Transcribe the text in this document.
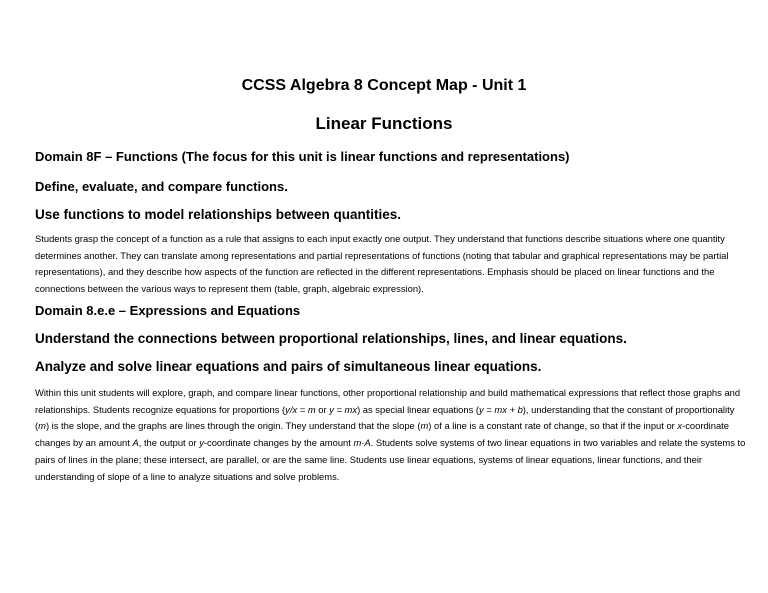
CCSS Algebra 8 Concept Map - Unit 1
Linear Functions
Domain 8F – Functions (The focus for this unit is linear functions and representations)
Define, evaluate, and compare functions.
Use functions to model relationships between quantities.

Students grasp the concept of a function as a rule that assigns to each input exactly one output. They understand that functions describe situations where one quantity determines another. They can translate among representations and partial representations of functions (noting that tabular and graphical representations may be partial representations), and they describe how aspects of the function are reflected in the different representations. Emphasis should be placed on linear functions and the connections between the various ways to represent them (table, graph, algebraic expression).

Domain 8.e.e – Expressions and Equations
Understand the connections between proportional relationships, lines, and linear equations.
Analyze and solve linear equations and pairs of simultaneous linear equations.

Within this unit students will explore, graph, and compare linear functions, other proportional relationship and build mathematical expressions that reflect those graphs and relationships. Students recognize equations for proportions (y/x = m or y = mx) as special linear equations (y = mx + b), understanding that the constant of proportionality (m) is the slope, and the graphs are lines through the origin. They understand that the slope (m) of a line is a constant rate of change, so that if the input or x-coordinate changes by an amount A, the output or y-coordinate changes by the amount m·A. Students solve systems of two linear equations in two variables and relate the systems to pairs of lines in the plane; these intersect, are parallel, or are the same line. Students use linear equations, systems of linear equations, linear functions, and their understanding of slope of a line to analyze situations and solve problems.
